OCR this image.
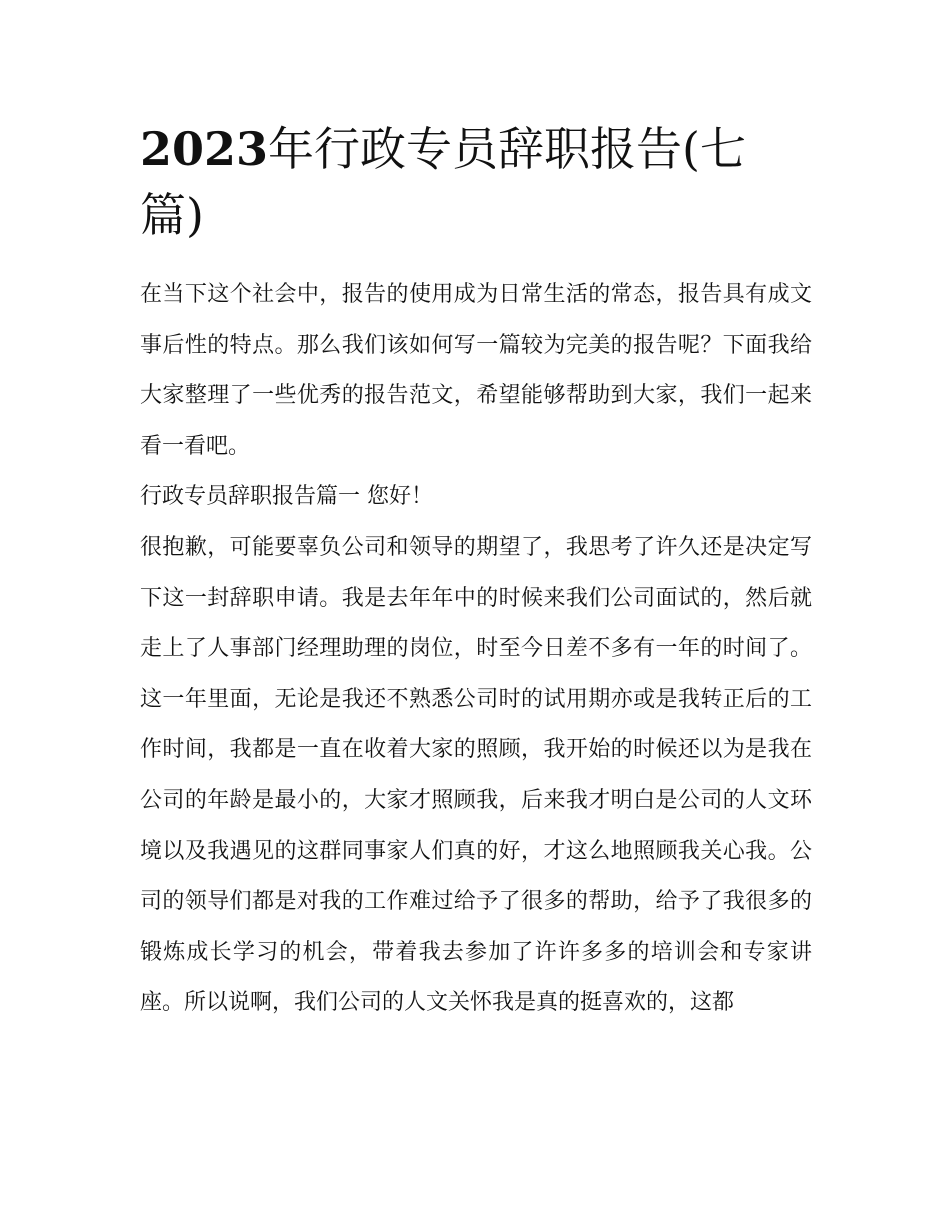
2023年行政专员辞职报告(七篇)

在当下这个社会中，报告的使用成为日常生活的常态，报告具有成文事后性的特点。那么我们该如何写一篇较为完美的报告呢？下面我给大家整理了一些优秀的报告范文，希望能够帮助到大家，我们一起来看一看吧。

行政专员辞职报告篇一 您好！

很抱歉，可能要辜负公司和领导的期望了，我思考了许久还是决定写下这一封辞职申请。我是去年年中的时候来我们公司面试的，然后就走上了人事部门经理助理的岗位，时至今日差不多有一年的时间了。这一年里面，无论是我还不熟悉公司时的试用期亦或是我转正后的工作时间，我都是一直在收着大家的照顾，我开始的时候还以为是我在公司的年龄是最小的，大家才照顾我，后来我才明白是公司的人文环境以及我遇见的这群同事家人们真的好，才这么地照顾我关心我。公司的领导们都是对我的工作难过给予了很多的帮助，给予了我很多的锻炼成长学习的机会，带着我去参加了许许多多的培训会和专家讲座。所以说啊，我们公司的人文关怀我是真的挺喜欢的，这都
